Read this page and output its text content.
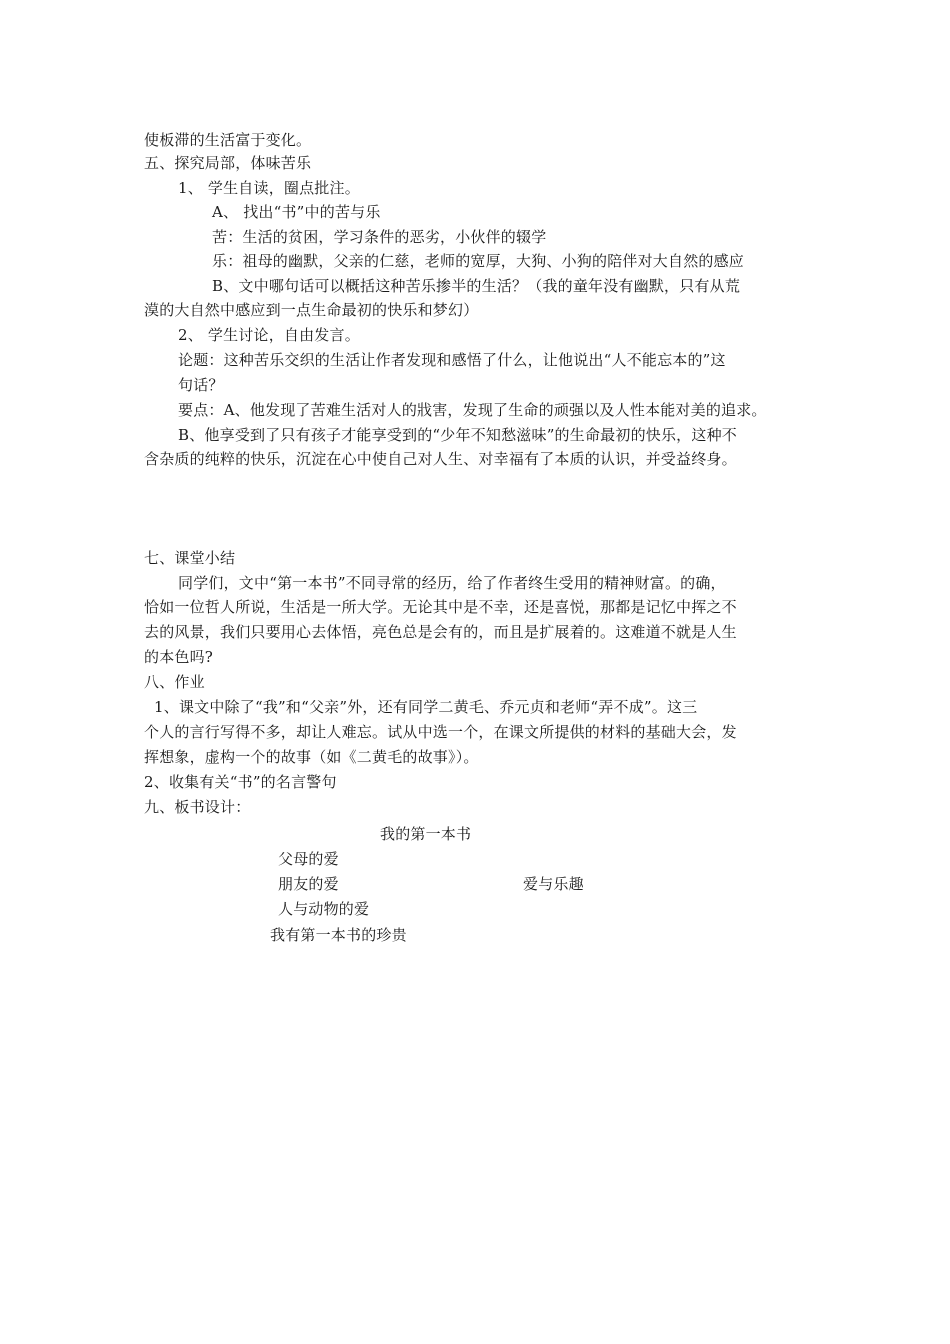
使板滞的生活富于变化。
五、探究局部，体味苦乐
1、 学生自读，圈点批注。
A、 找出“书”中的苦与乐
苦：生活的贫困，学习条件的恶劣，小伙伴的辍学
乐：祖母的幽默，父亲的仁慈，老师的宽厚，大狗、小狗的陪伴对大自然的感应
B、文中哪句话可以概括这种苦乐掺半的生活？（我的童年没有幽默，只有从荒
漠的大自然中感应到一点生命最初的快乐和梦幻）
2、 学生讨论，自由发言。
论题：这种苦乐交织的生活让作者发现和感悟了什么，让他说出“人不能忘本的”这
句话？
要点：A、他发现了苦难生活对人的戕害，发现了生命的顽强以及人性本能对美的追求。
B、他享受到了只有孩子才能享受到的“少年不知愁滋味”的生命最初的快乐，这种不
含杂质的纯粹的快乐，沉淀在心中使自己对人生、对幸福有了本质的认识，并受益终身。
七、课堂小结
同学们，文中“第一本书”不同寻常的经历，给了作者终生受用的精神财富。的确，
恰如一位哲人所说，生活是一所大学。无论其中是不幸，还是喜悦，那都是记忆中挥之不
去的风景，我们只要用心去体悟，亮色总是会有的，而且是扩展着的。这难道不就是人生
的本色吗?
八、作业
1、课文中除了“我”和“父亲”外，还有同学二黄毛、乔元贞和老师“弄不成”。这三
个人的言行写得不多，却让人难忘。试从中选一个，在课文所提供的材料的基础大会，发
挥想象，虚构一个的故事（如《二黄毛的故事》）。
2、收集有关“书”的名言警句
九、板书设计：
我的第一本书
父母的爱
朋友的爱	爱与乐趣
人与动物的爱
我有第一本书的珍贵
